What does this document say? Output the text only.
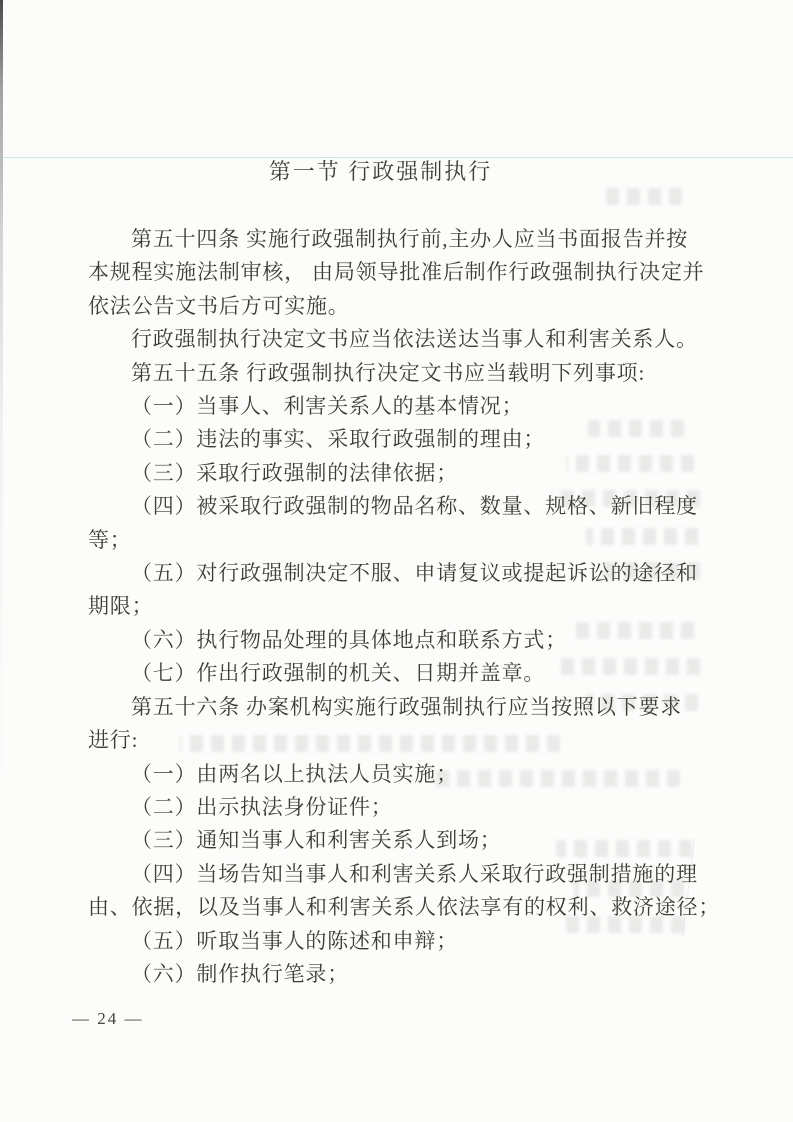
第一节 行政强制执行
第五十四条 实施行政强制执行前,主办人应当书面报告并按
本规程实施法制审核， 由局领导批准后制作行政强制执行决定并
依法公告文书后方可实施。
行政强制执行决定文书应当依法送达当事人和利害关系人。
第五十五条 行政强制执行决定文书应当载明下列事项:
（一）当事人、利害关系人的基本情况；
（二）违法的事实、采取行政强制的理由；
（三）采取行政强制的法律依据；
（四）被采取行政强制的物品名称、数量、规格、新旧程度
等；
（五）对行政强制决定不服、申请复议或提起诉讼的途径和
期限；
（六）执行物品处理的具体地点和联系方式；
（七）作出行政强制的机关、日期并盖章。
第五十六条 办案机构实施行政强制执行应当按照以下要求
进行:
（一）由两名以上执法人员实施；
（二）出示执法身份证件；
（三）通知当事人和利害关系人到场；
（四）当场告知当事人和利害关系人采取行政强制措施的理
由、依据，以及当事人和利害关系人依法享有的权利、救济途径；
（五）听取当事人的陈述和申辩；
（六）制作执行笔录；
— 24 —
